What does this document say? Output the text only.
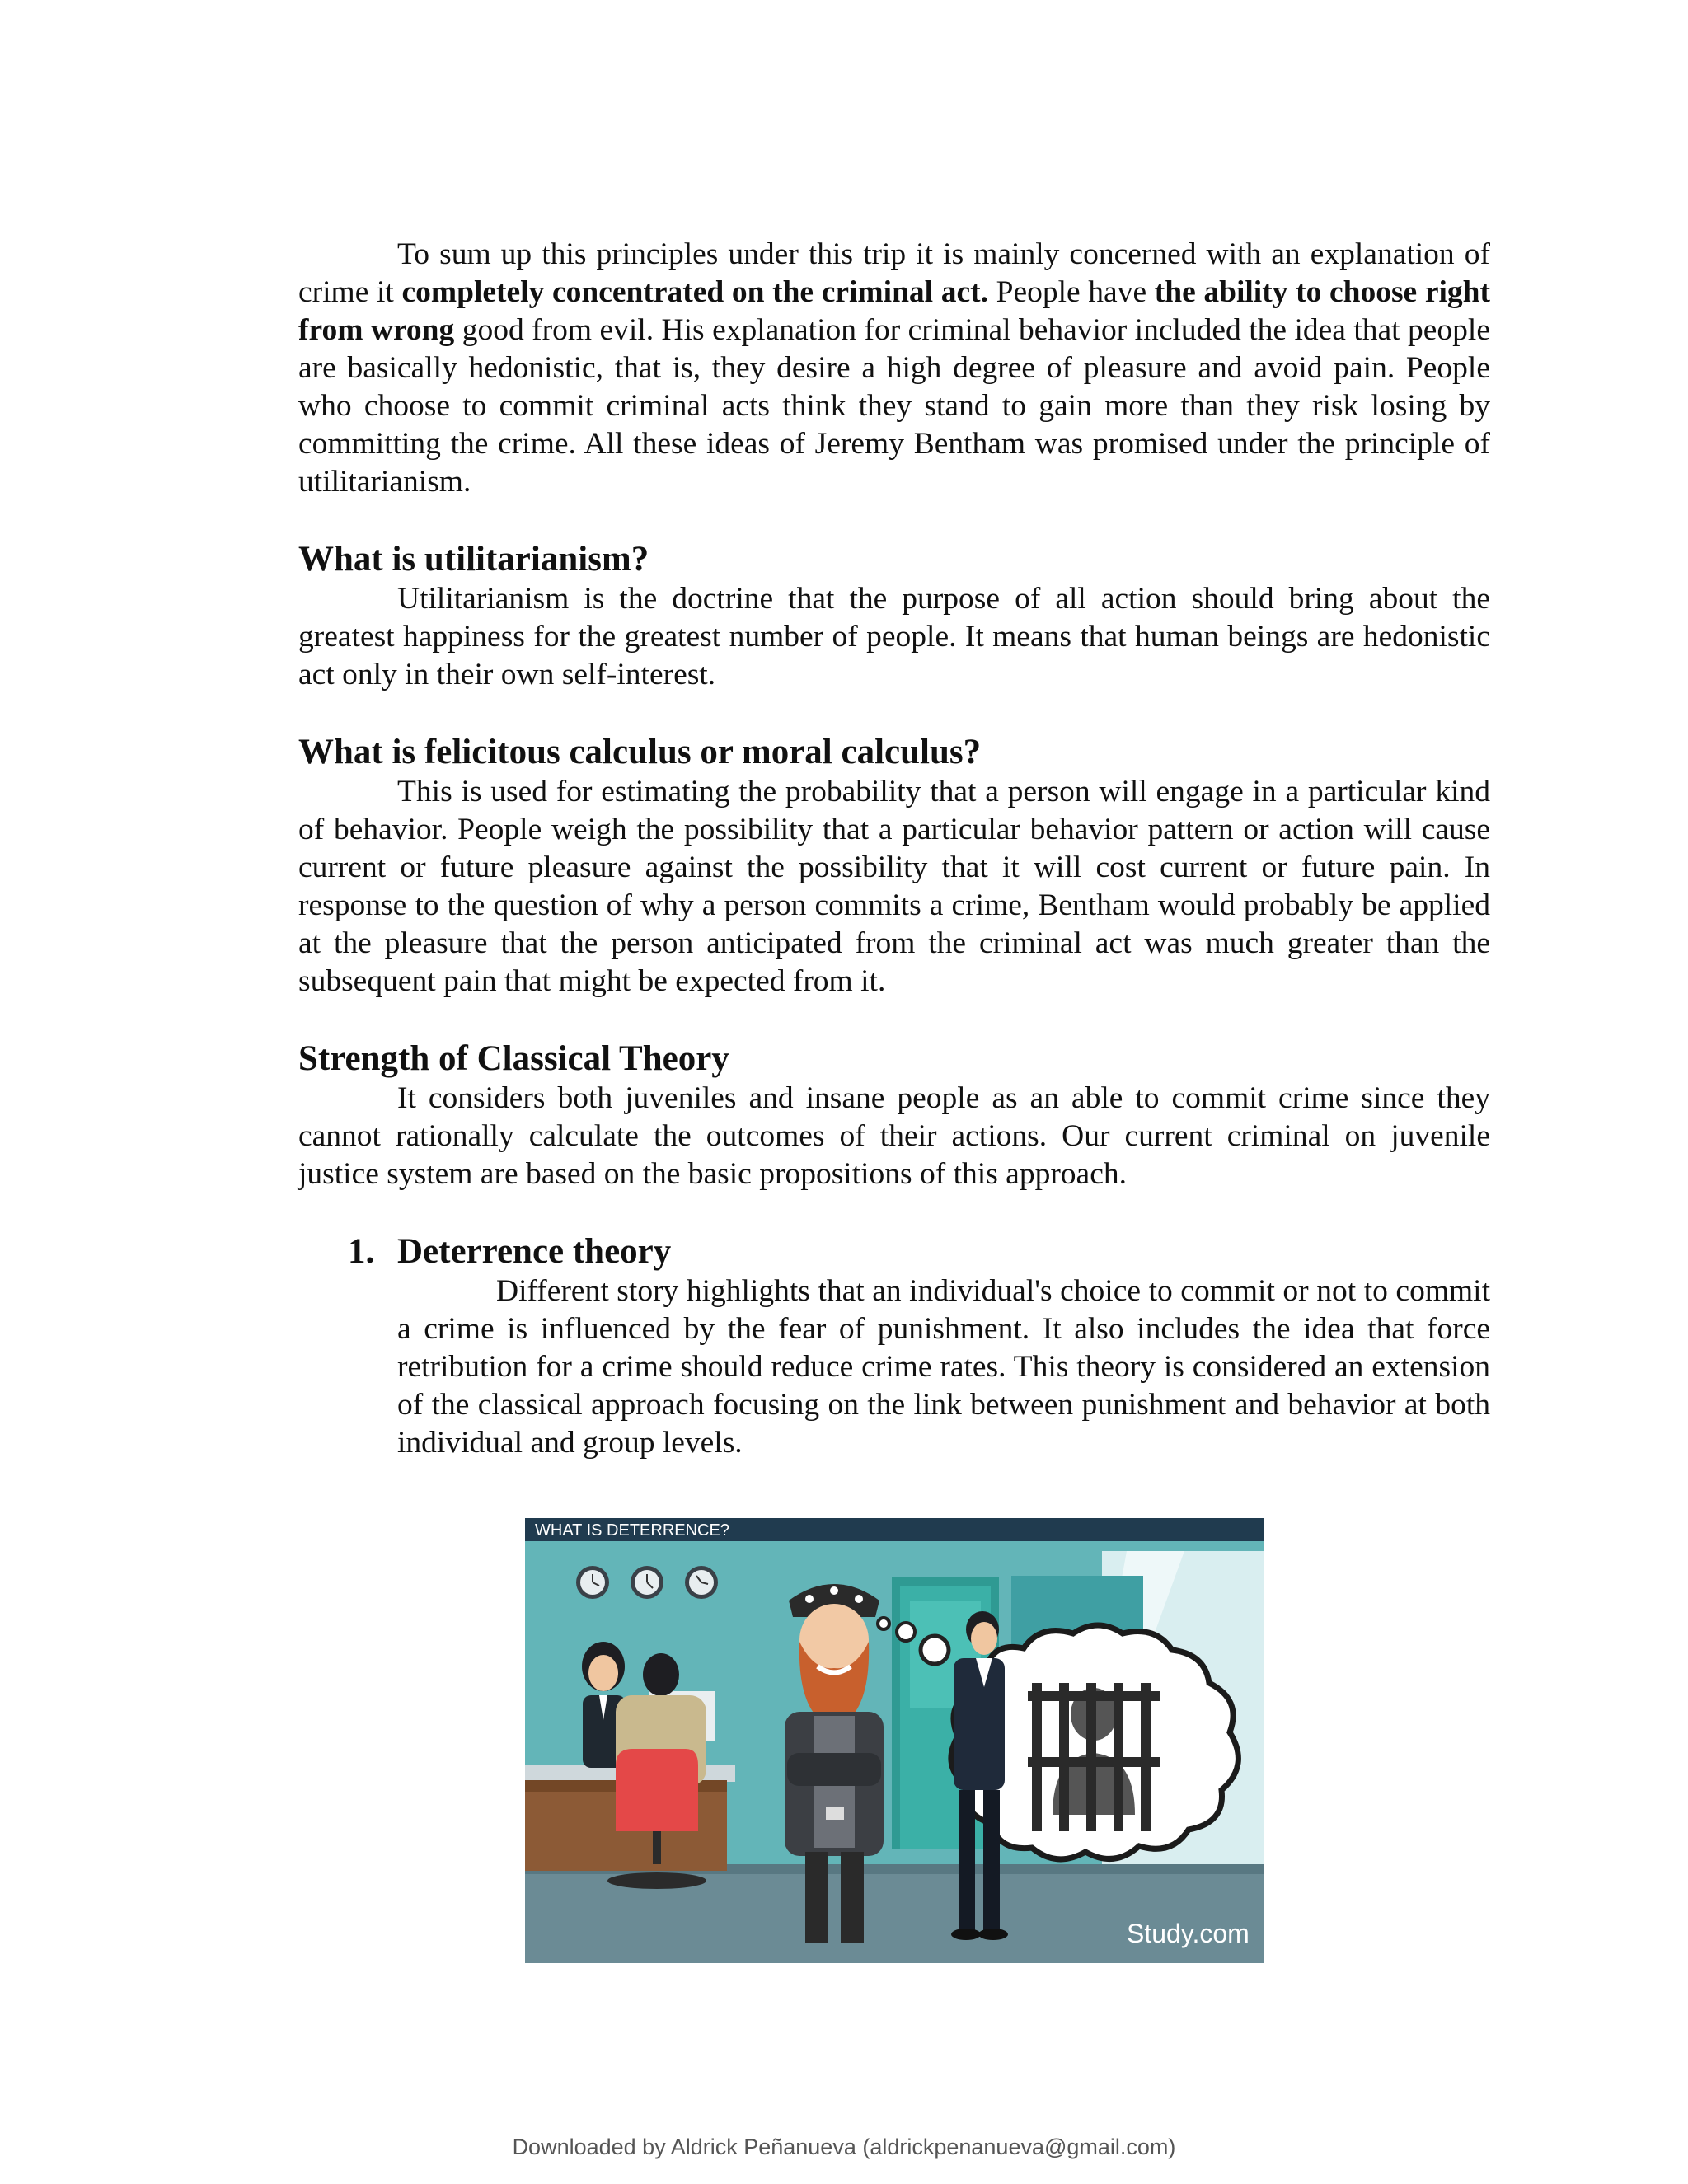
To sum up this principles under this trip it is mainly concerned with an explanation of crime it completely concentrated on the criminal act. People have the ability to choose right from wrong good from evil. His explanation for criminal behavior included the idea that people are basically hedonistic, that is, they desire a high degree of pleasure and avoid pain. People who choose to commit criminal acts think they stand to gain more than they risk losing by committing the crime. All these ideas of Jeremy Bentham was promised under the principle of utilitarianism.

What is utilitarianism?

Utilitarianism is the doctrine that the purpose of all action should bring about the greatest happiness for the greatest number of people. It means that human beings are hedonistic act only in their own self-interest.

What is felicitous calculus or moral calculus?

This is used for estimating the probability that a person will engage in a particular kind of behavior. People weigh the possibility that a particular behavior pattern or action will cause current or future pleasure against the possibility that it will cost current or future pain. In response to the question of why a person commits a crime, Bentham would probably be applied at the pleasure that the person anticipated from the criminal act was much greater than the subsequent pain that might be expected from it.

Strength of Classical Theory

It considers both juveniles and insane people as an able to commit crime since they cannot rationally calculate the outcomes of their actions. Our current criminal on juvenile justice system are based on the basic propositions of this approach.

1. Deterrence theory

Different story highlights that an individual's choice to commit or not to commit a crime is influenced by the fear of punishment. It also includes the idea that force retribution for a crime should reduce crime rates. This theory is considered an extension of the classical approach focusing on the link between punishment and behavior at both individual and group levels.

WHAT IS DETERRENCE?
Study.com
Downloaded by Aldrick Peñanueva (aldrickpenanueva@gmail.com)
